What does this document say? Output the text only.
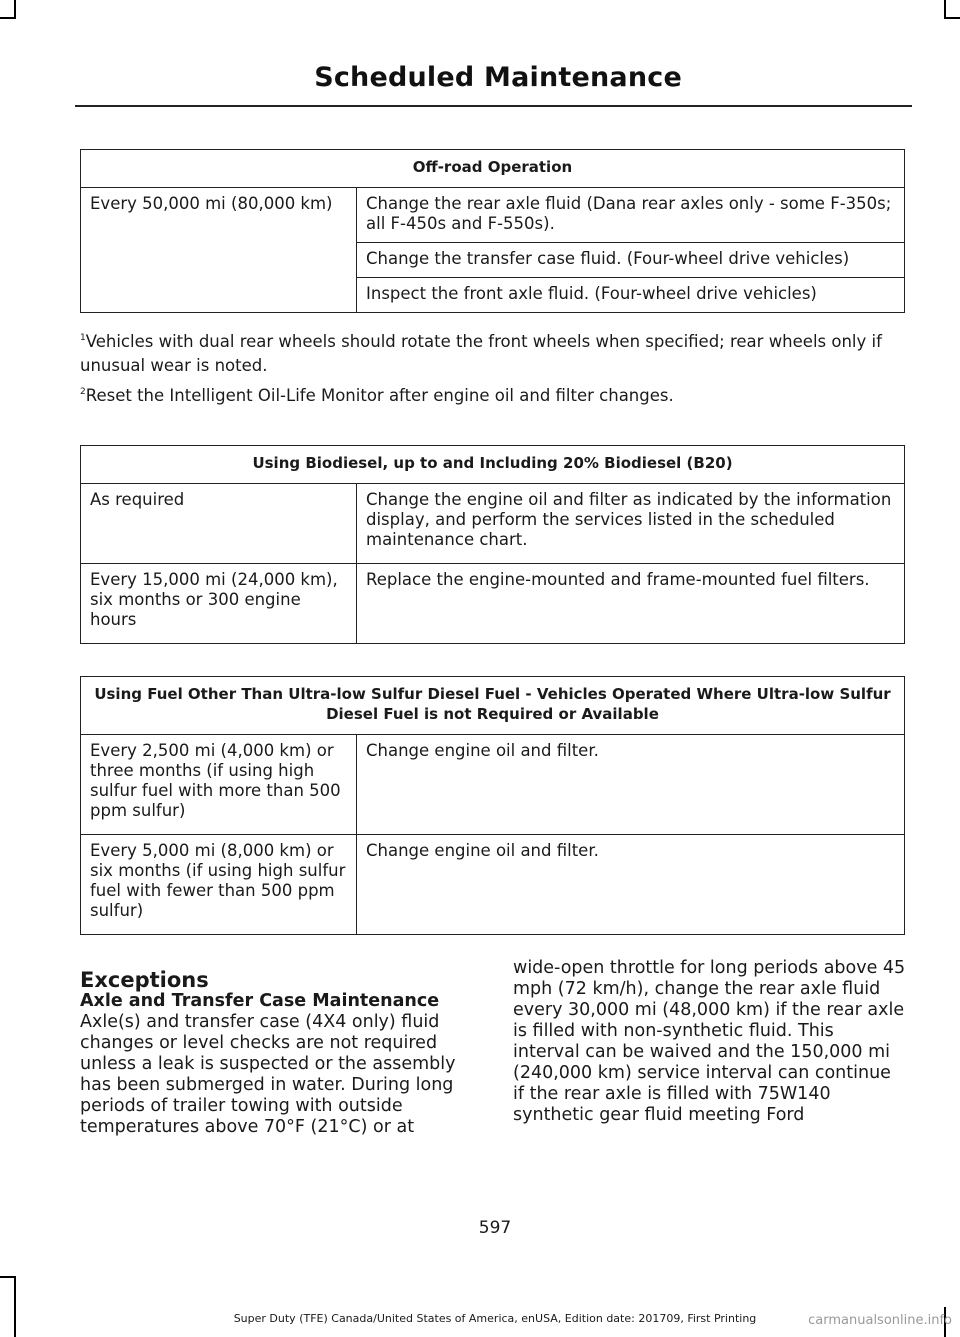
Scheduled Maintenance
Off-road Operation
Every 50,000 mi (80,000 km)	Change the rear axle fluid (Dana rear axles only - some F-350s; all F-450s and F-550s).
Change the transfer case fluid. (Four-wheel drive vehicles)
Inspect the front axle fluid. (Four-wheel drive vehicles)
$^1$Vehicles with dual rear wheels should rotate the front wheels when specified; rear wheels only if unusual wear is noted.
$^2$Reset the Intelligent Oil-Life Monitor after engine oil and filter changes.
Using Biodiesel, up to and Including 20% Biodiesel (B20)	
As required	Change the engine oil and filter as indicated by the information display, and perform the services listed in the scheduled maintenance chart.
Every 15,000 mi (24,000 km), six months or 300 engine hours	Replace the engine-mounted and frame-mounted fuel filters.
Using Fuel Other Than Ultra-low Sulfur Diesel Fuel - Vehicles Operated Where Ultra-low Sulfur Diesel Fuel is not Required or Available	
Every 2,500 mi (4,000 km) or three months (if using high sulfur fuel with more than 500 ppm sulfur)	Change engine oil and filter.
Every 5,000 mi (8,000 km) or six months (if using high sulfur fuel with fewer than 500 ppm sulfur)	Change engine oil and filter.

Exceptions

Axle and Transfer Case Maintenance

Axle(s) and transfer case (4X4 only) fluid changes or level checks are not required unless a leak is suspected or the assembly has been submerged in water. During long periods of trailer towing with outside temperatures above 70°F (21°C) or at

wide-open throttle for long periods above 45 mph (72 km/h), change the rear axle fluid every 30,000 mi (48,000 km) if the rear axle is filled with non-synthetic fluid. This interval can be waived and the 150,000 mi (240,000 km) service interval can continue if the rear axle is filled with 75W140 synthetic gear fluid meeting Ford

597
Super Duty (TFE) Canada/United States of America, enUSA, Edition date: 201709, First Printing	carmanualsonline.info
